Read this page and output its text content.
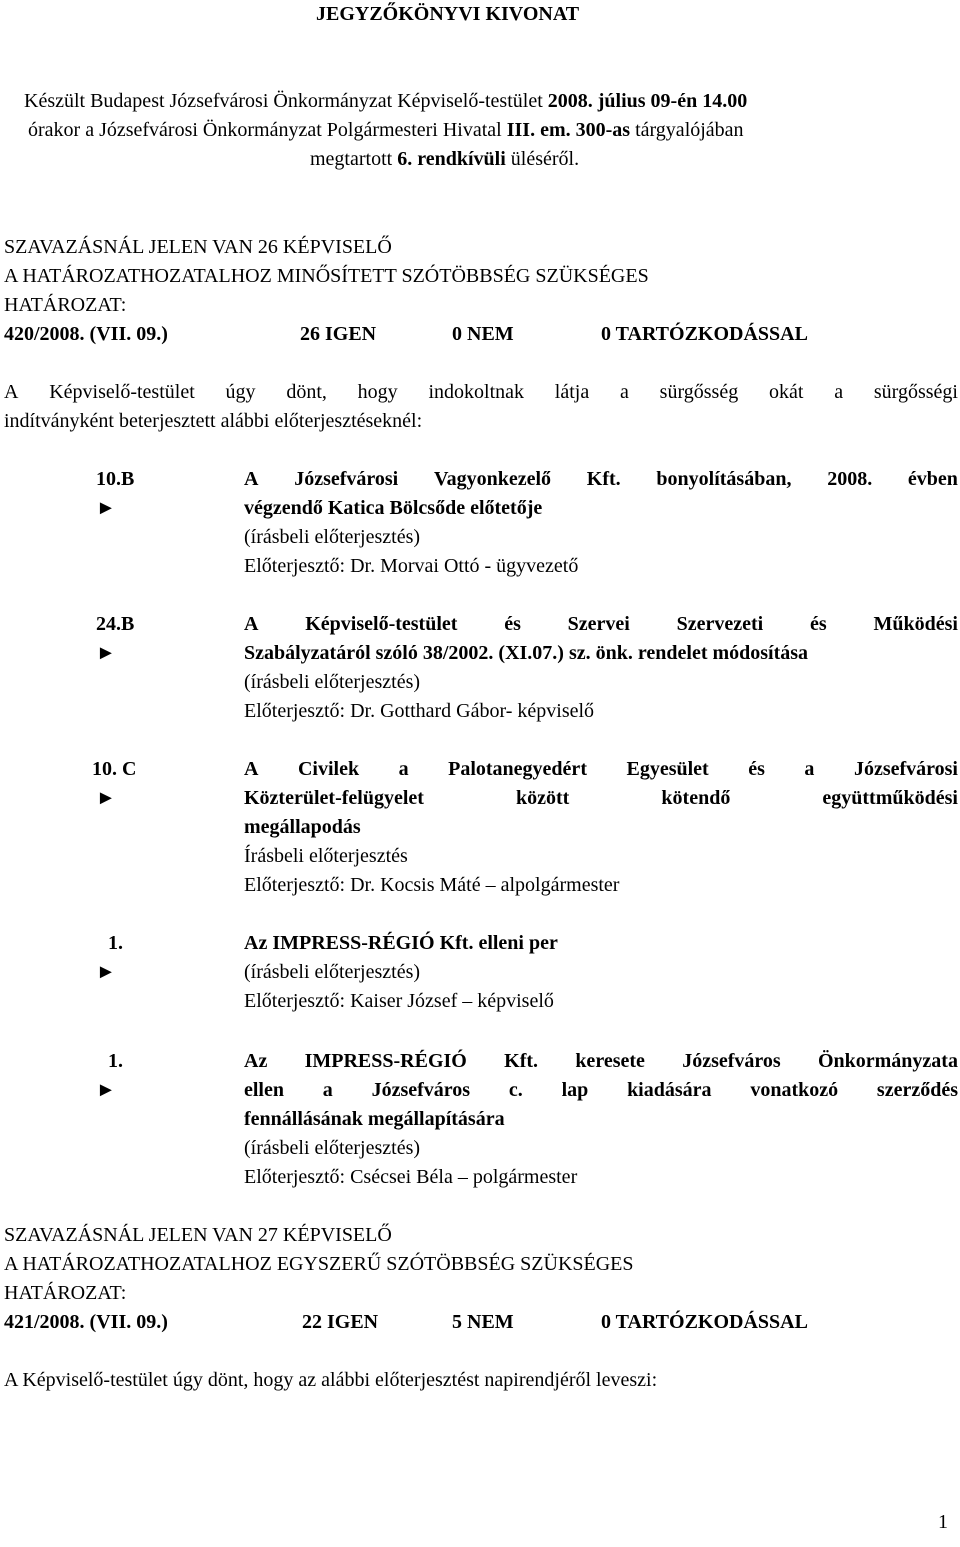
JEGYZŐKÖNYVI KIVONAT
Készült Budapest Józsefvárosi Önkormányzat Képviselő-testület 2008. július 09-én 14.00
órakor a Józsefvárosi Önkormányzat Polgármesteri Hivatal III. em. 300-as tárgyalójában
megtartott 6. rendkívüli üléséről.
SZAVAZÁSNÁL JELEN VAN 26 KÉPVISELŐ
A HATÁROZATHOZATALHOZ MINŐSÍTETT SZÓTÖBBSÉG SZÜKSÉGES
HATÁROZAT:
420/2008. (VII. 09.)	26 IGEN	0 NEM	0 TARTÓZKODÁSSAL
A Képviselő-testület úgy dönt, hogy indokoltnak látja a sürgősség okát a sürgősségi
indítványként beterjesztett alábbi előterjesztéseknél:
10.B
►
A Józsefvárosi Vagyonkezelő Kft. bonyolításában, 2008. évben
végzendő Katica Bölcsőde előtetője
(írásbeli előterjesztés)
Előterjesztő: Dr. Morvai Ottó - ügyvezető
24.B
►
A Képviselő-testület és Szervei Szervezeti és Működési
Szabályzatáról szóló 38/2002. (XI.07.) sz. önk. rendelet módosítása
(írásbeli előterjesztés)
Előterjesztő: Dr. Gotthard Gábor- képviselő
10. C
►
A Civilek a Palotanegyedért Egyesület és a Józsefvárosi
Közterület-felügyelet	között	kötendő	együttműködési
megállapodás
Írásbeli előterjesztés
Előterjesztő: Dr. Kocsis Máté – alpolgármester
1.
►
Az IMPRESS-RÉGIÓ Kft. elleni per
(írásbeli előterjesztés)
Előterjesztő: Kaiser József – képviselő
1.
►
Az IMPRESS-RÉGIÓ Kft. keresete Józsefváros Önkormányzata
ellen a Józsefváros c. lap kiadására vonatkozó szerződés
fennállásának megállapítására
(írásbeli előterjesztés)
Előterjesztő: Csécsei Béla – polgármester
SZAVAZÁSNÁL JELEN VAN 27 KÉPVISELŐ
A HATÁROZATHOZATALHOZ EGYSZERŰ SZÓTÖBBSÉG SZÜKSÉGES
HATÁROZAT:
421/2008. (VII. 09.)	22 IGEN	5 NEM	0 TARTÓZKODÁSSAL
A Képviselő-testület úgy dönt, hogy az alábbi előterjesztést napirendjéről leveszi:
1
